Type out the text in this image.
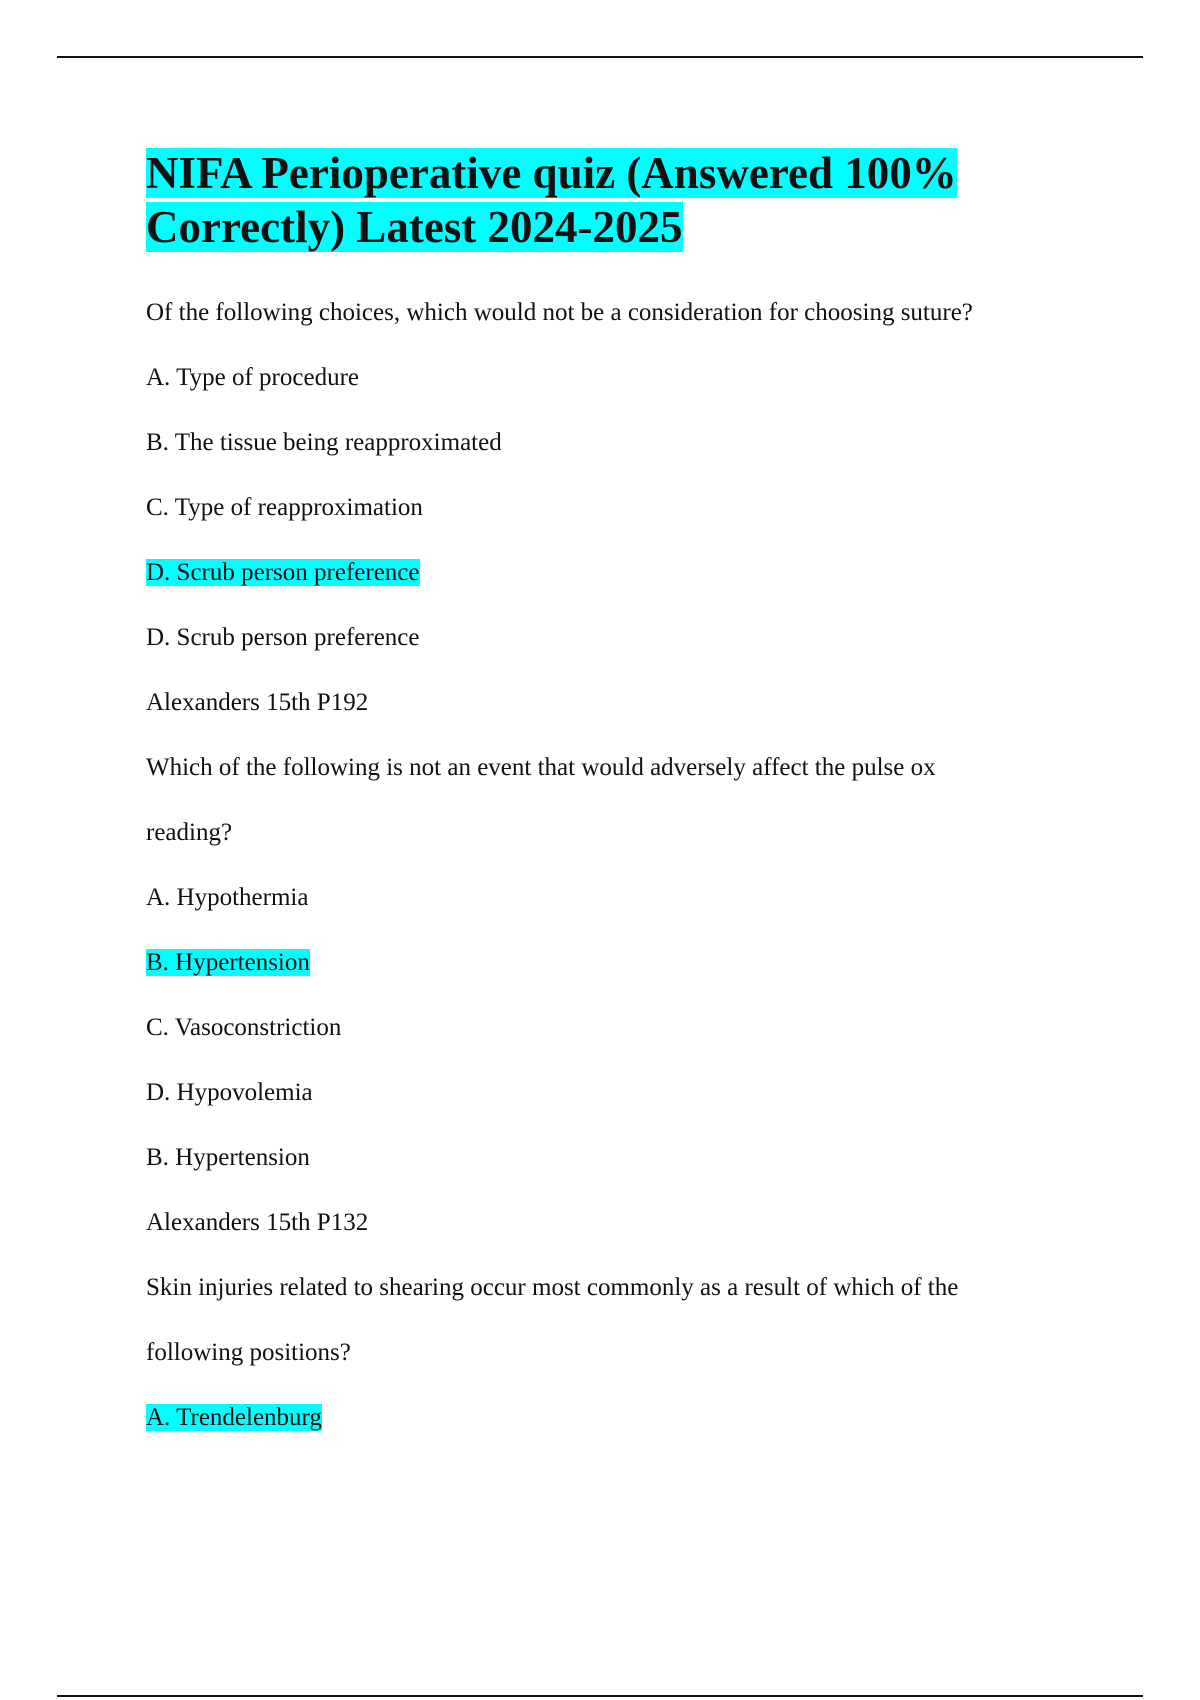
NIFA Perioperative quiz (Answered 100%
Correctly) Latest 2024-2025

Of the following choices, which would not be a consideration for choosing suture?

A. Type of procedure

B. The tissue being reapproximated

C. Type of reapproximation

D. Scrub person preference

D. Scrub person preference

Alexanders 15th P192

Which of the following is not an event that would adversely affect the pulse ox

reading?

A. Hypothermia

B. Hypertension

C. Vasoconstriction

D. Hypovolemia

B. Hypertension

Alexanders 15th P132

Skin injuries related to shearing occur most commonly as a result of which of the

following positions?

A. Trendelenburg
